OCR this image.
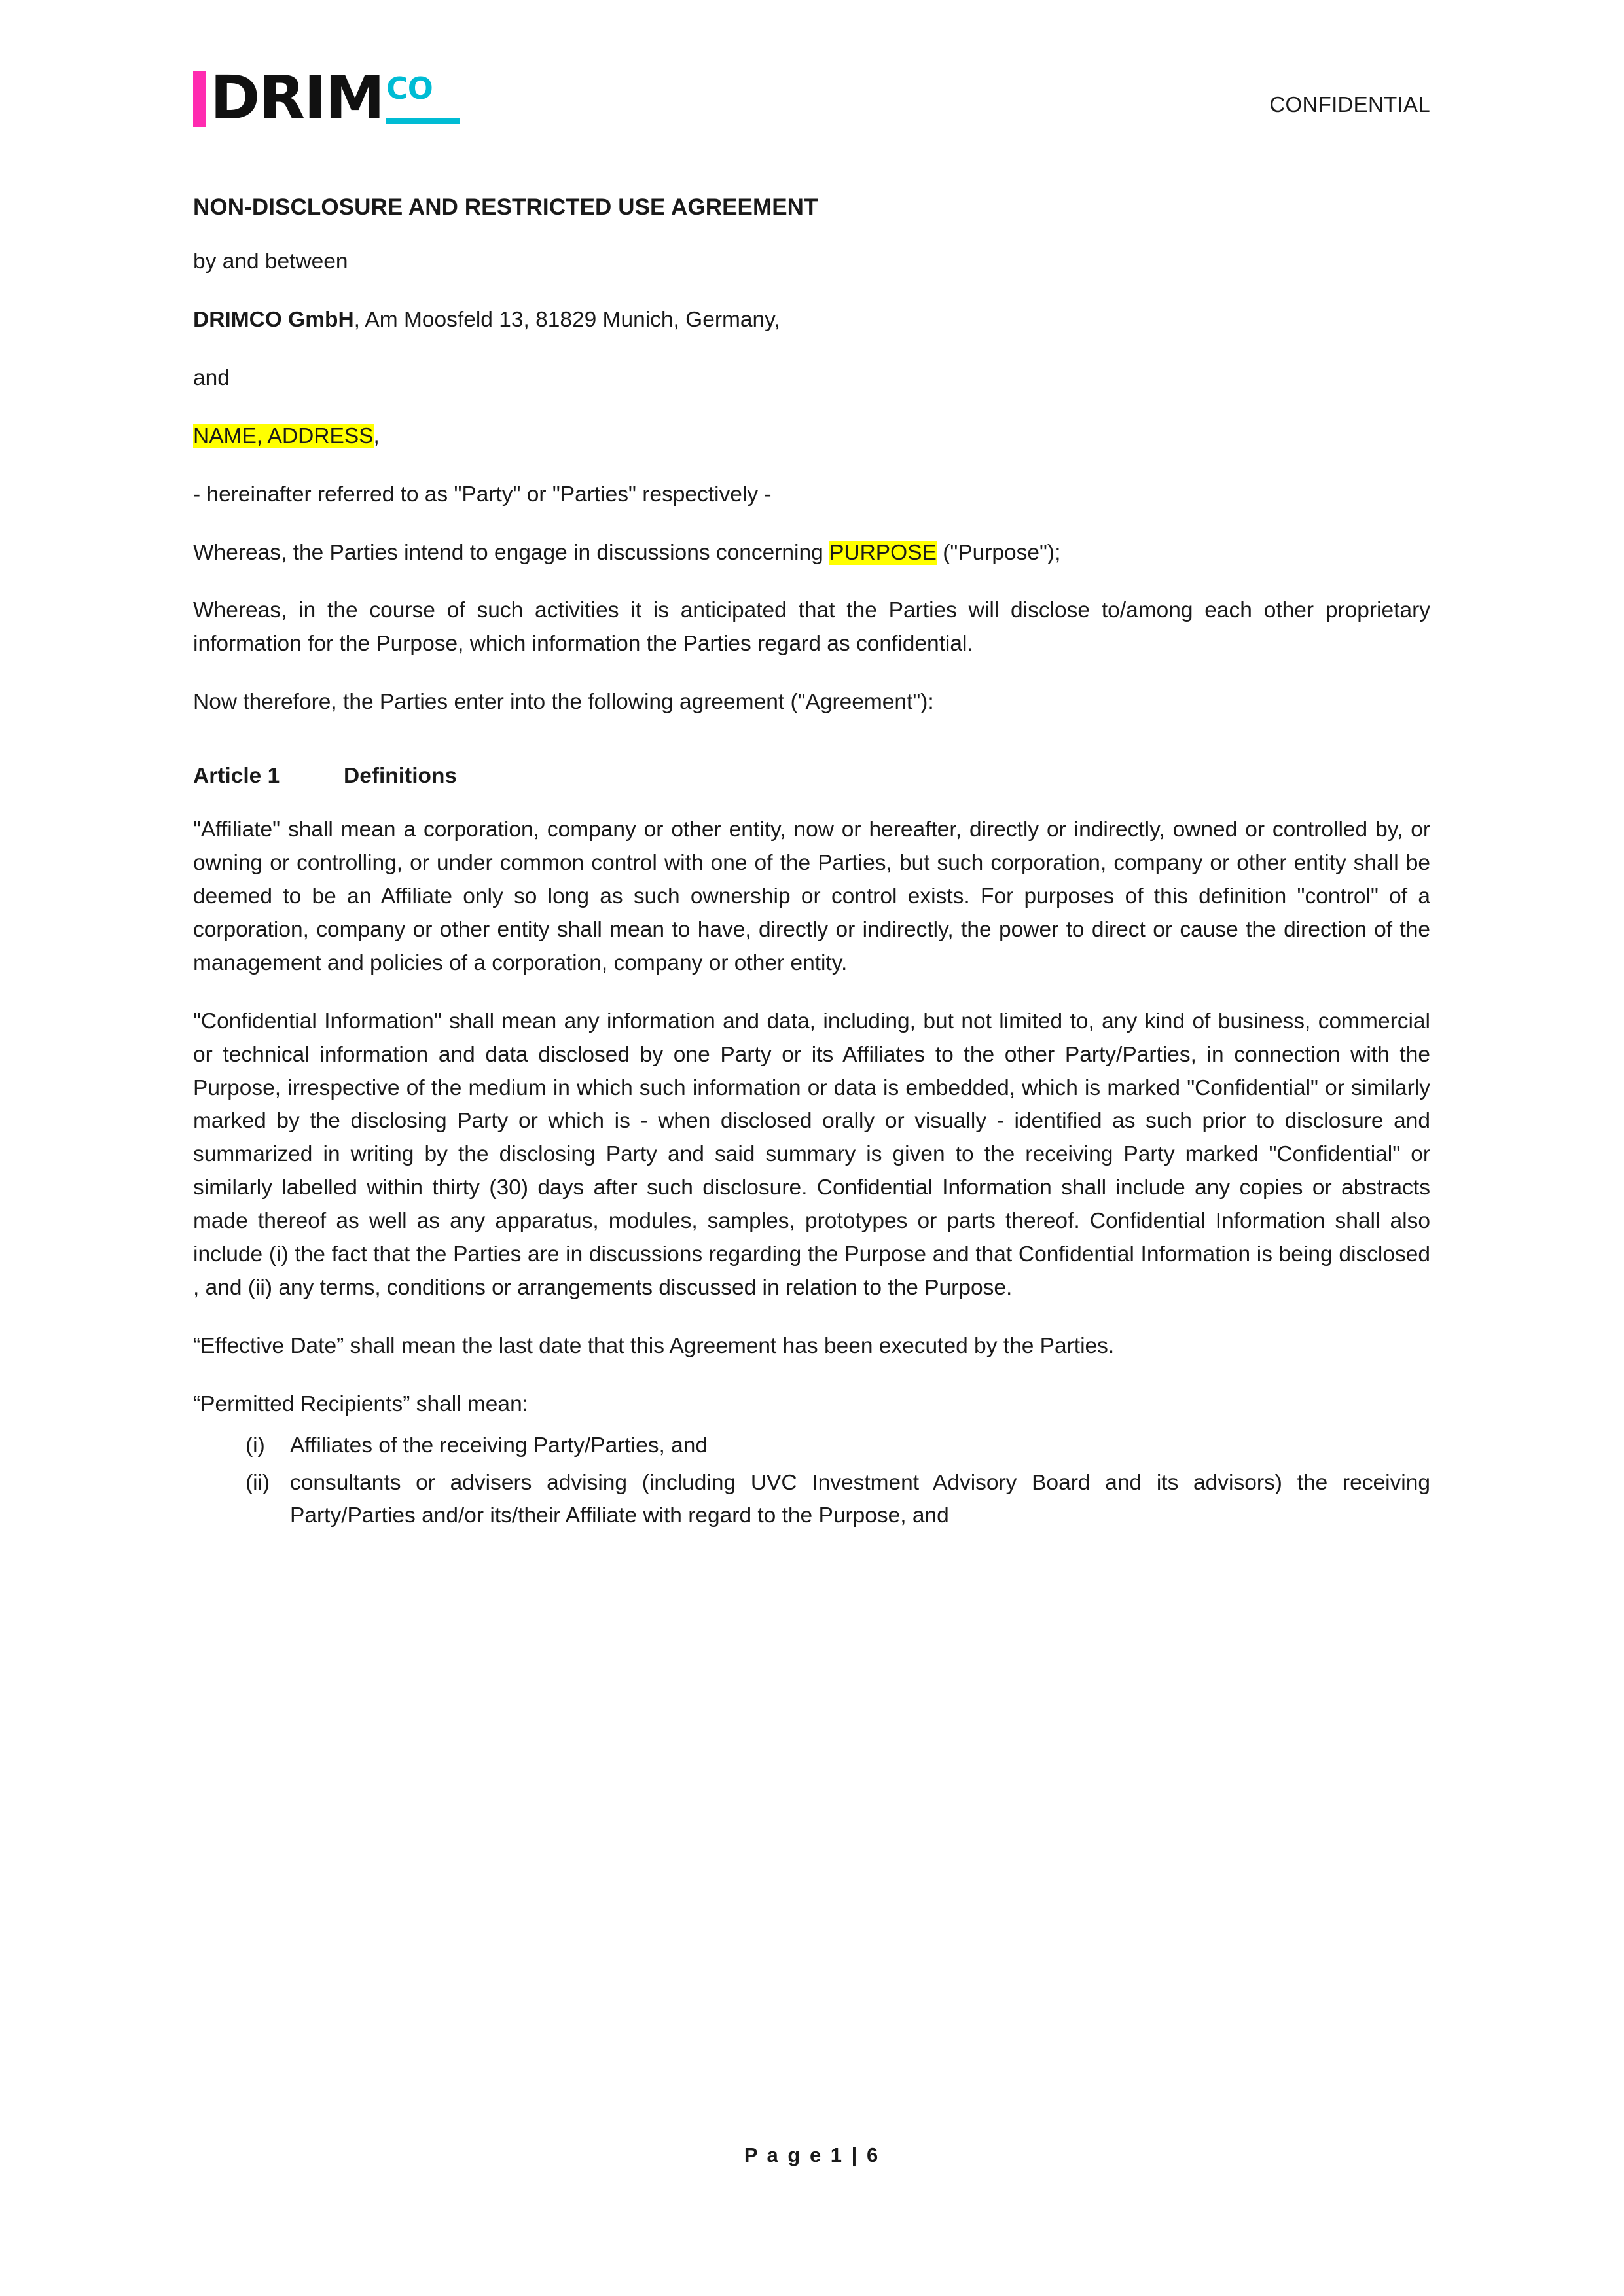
DRIM CO	CONFIDENTIAL
NON-DISCLOSURE AND RESTRICTED USE AGREEMENT

by and between

DRIMCO GmbH, Am Moosfeld 13, 81829 Munich, Germany,

and

NAME, ADDRESS,

- hereinafter referred to as "Party" or "Parties" respectively -

Whereas, the Parties intend to engage in discussions concerning PURPOSE ("Purpose");

Whereas, in the course of such activities it is anticipated that the Parties will disclose to/among each other proprietary information for the Purpose, which information the Parties regard as confidential.

Now therefore, the Parties enter into the following agreement ("Agreement"):

Article 1	Definitions

"Affiliate" shall mean a corporation, company or other entity, now or hereafter, directly or indirectly, owned or controlled by, or owning or controlling, or under common control with one of the Parties, but such corporation, company or other entity shall be deemed to be an Affiliate only so long as such ownership or control exists. For purposes of this definition "control" of a corporation, company or other entity shall mean to have, directly or indirectly, the power to direct or cause the direction of the management and policies of a corporation, company or other entity.

"Confidential Information" shall mean any information and data, including, but not limited to, any kind of business, commercial or technical information and data disclosed by one Party or its Affiliates to the other Party/Parties, in connection with the Purpose, irrespective of the medium in which such information or data is embedded, which is marked "Confidential" or similarly marked by the disclosing Party or which is - when disclosed orally or visually - identified as such prior to disclosure and summarized in writing by the disclosing Party and said summary is given to the receiving Party marked "Confidential" or similarly labelled within thirty (30) days after such disclosure. Confidential Information shall include any copies or abstracts made thereof as well as any apparatus, modules, samples, prototypes or parts thereof. Confidential Information shall also include (i) the fact that the Parties are in discussions regarding the Purpose and that Confidential Information is being disclosed , and (ii) any terms, conditions or arrangements discussed in relation to the Purpose.

“Effective Date” shall mean the last date that this Agreement has been executed by the Parties.

“Permitted Recipients” shall mean:

(i)	Affiliates of the receiving Party/Parties, and
(ii) consultants or advisers advising (including UVC Investment Advisory Board and its advisors) the receiving Party/Parties and/or its/their Affiliate with regard to the Purpose, and
P a g e 1 | 6
